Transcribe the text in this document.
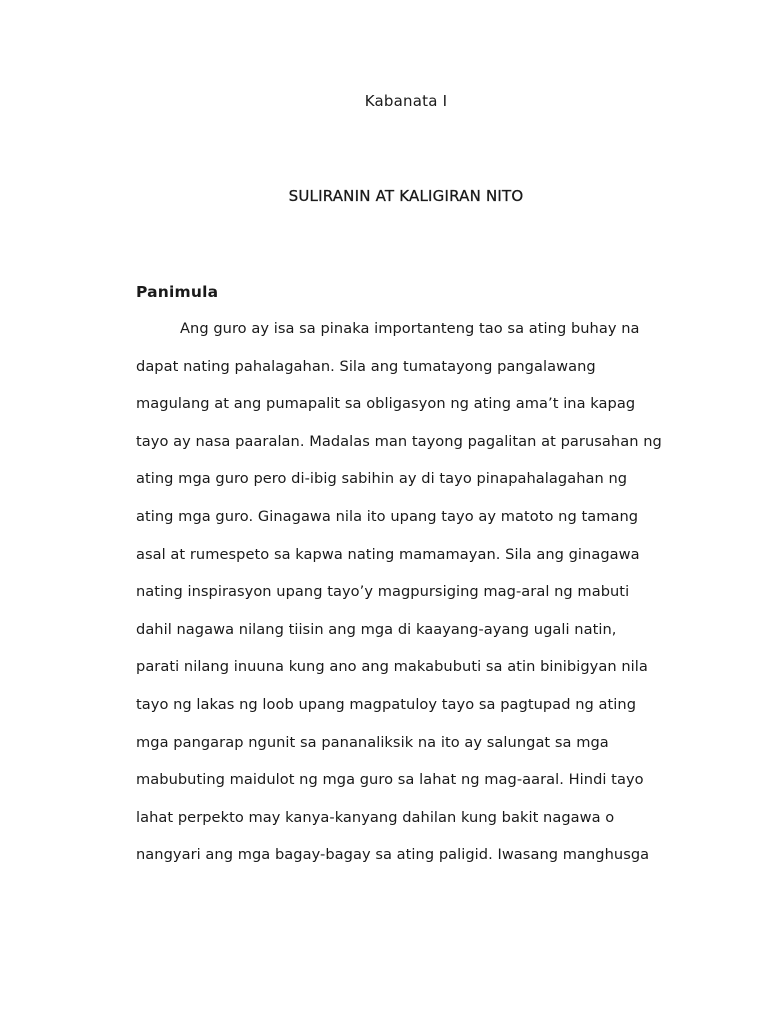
Kabanata I
SULIRANIN AT KALIGIRAN NITO
Panimula
Ang guro ay isa sa pinaka importanteng tao sa ating buhay na
dapat nating pahalagahan. Sila ang tumatayong pangalawang
magulang at ang pumapalit sa obligasyon ng ating ama’t ina kapag
tayo ay nasa paaralan. Madalas man tayong pagalitan at parusahan ng
ating mga guro pero di-ibig sabihin ay di tayo pinapahalagahan ng
ating mga guro. Ginagawa nila ito upang tayo ay matoto ng tamang
asal at rumespeto sa kapwa nating mamamayan. Sila ang ginagawa
nating inspirasyon upang tayo’y magpursiging mag-aral ng mabuti
dahil nagawa nilang tiisin ang mga di kaayang-ayang ugali natin,
parati nilang inuuna kung ano ang makabubuti sa atin binibigyan nila
tayo ng lakas ng loob upang magpatuloy tayo sa pagtupad ng ating
mga pangarap ngunit sa pananaliksik na ito ay salungat sa mga
mabubuting maidulot ng mga guro sa lahat ng mag-aaral. Hindi tayo
lahat perpekto may kanya-kanyang dahilan kung bakit nagawa o
nangyari ang mga bagay-bagay sa ating paligid. Iwasang manghusga
